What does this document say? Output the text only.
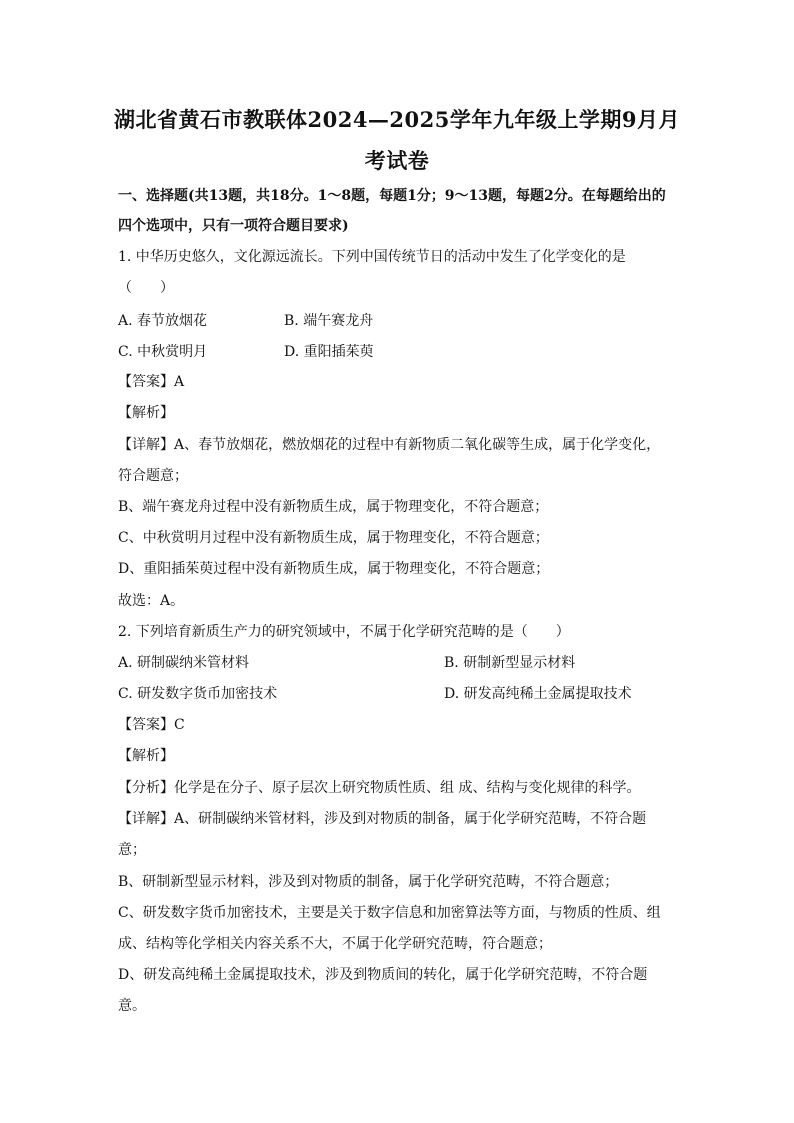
湖北省黄石市教联体2024—2025学年九年级上学期9月月
考试卷
一、选择题(共13题，共18分。1～8题，每题1分；9～13题，每题2分。在每题给出的
四个选项中，只有一项符合题目要求)
1. 中华历史悠久，文化源远流长。下列中国传统节日的活动中发生了化学变化的是
（　　）
A. 春节放烟花	B. 端午赛龙舟
C. 中秋赏明月	D. 重阳插茱萸
【答案】A
【解析】
【详解】A、春节放烟花，燃放烟花的过程中有新物质二氧化碳等生成，属于化学变化，
符合题意；
B、端午赛龙舟过程中没有新物质生成，属于物理变化，不符合题意；
C、中秋赏明月过程中没有新物质生成，属于物理变化，不符合题意；
D、重阳插茱萸过程中没有新物质生成，属于物理变化，不符合题意；
故选：A。
2. 下列培育新质生产力的研究领域中，不属于化学研究范畴的是（　　）
A. 研制碳纳米管材料	B. 研制新型显示材料
C. 研发数字货币加密技术	D. 研发高纯稀土金属提取技术
【答案】C
【解析】
【分析】化学是在分子、原子层次上研究物质性质、组 成、结构与变化规律的科学。
【详解】A、研制碳纳米管材料，涉及到对物质的制备，属于化学研究范畴，不符合题
意；
B、研制新型显示材料，涉及到对物质的制备，属于化学研究范畴，不符合题意；
C、研发数字货币加密技术，主要是关于数字信息和加密算法等方面，与物质的性质、组
成、结构等化学相关内容关系不大，不属于化学研究范畴，符合题意；
D、研发高纯稀土金属提取技术，涉及到物质间的转化，属于化学研究范畴，不符合题
意。
